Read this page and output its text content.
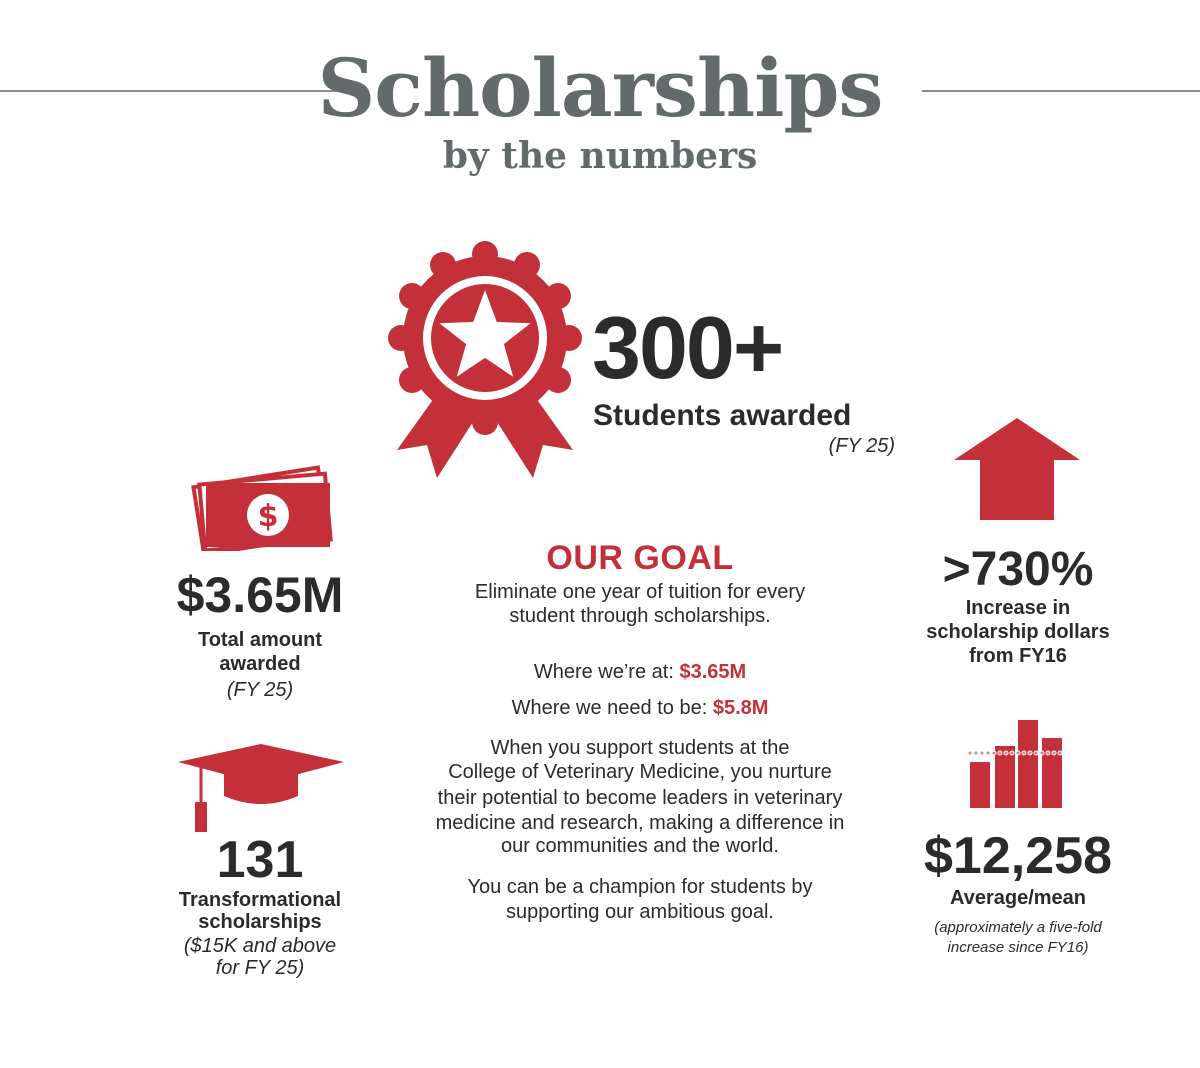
Scholarships
by the numbers
300+
Students awarded
(FY 25)
$
$3.65M
Total amount
awarded
(FY 25)
131
Transformational
scholarships
($15K and above
for FY 25)
OUR GOAL
Eliminate one year of tuition for every
student through scholarships.
Where we’re at: $3.65M
Where we need to be: $5.8M
When you support students at the
College of Veterinary Medicine, you nurture
their potential to become leaders in veterinary
medicine and research, making a difference in
our communities and the world.
You can be a champion for students by
supporting our ambitious goal.
>730%
Increase in
scholarship dollars
from FY16
$12,258
Average/mean
(approximately a five-fold
increase since FY16)
